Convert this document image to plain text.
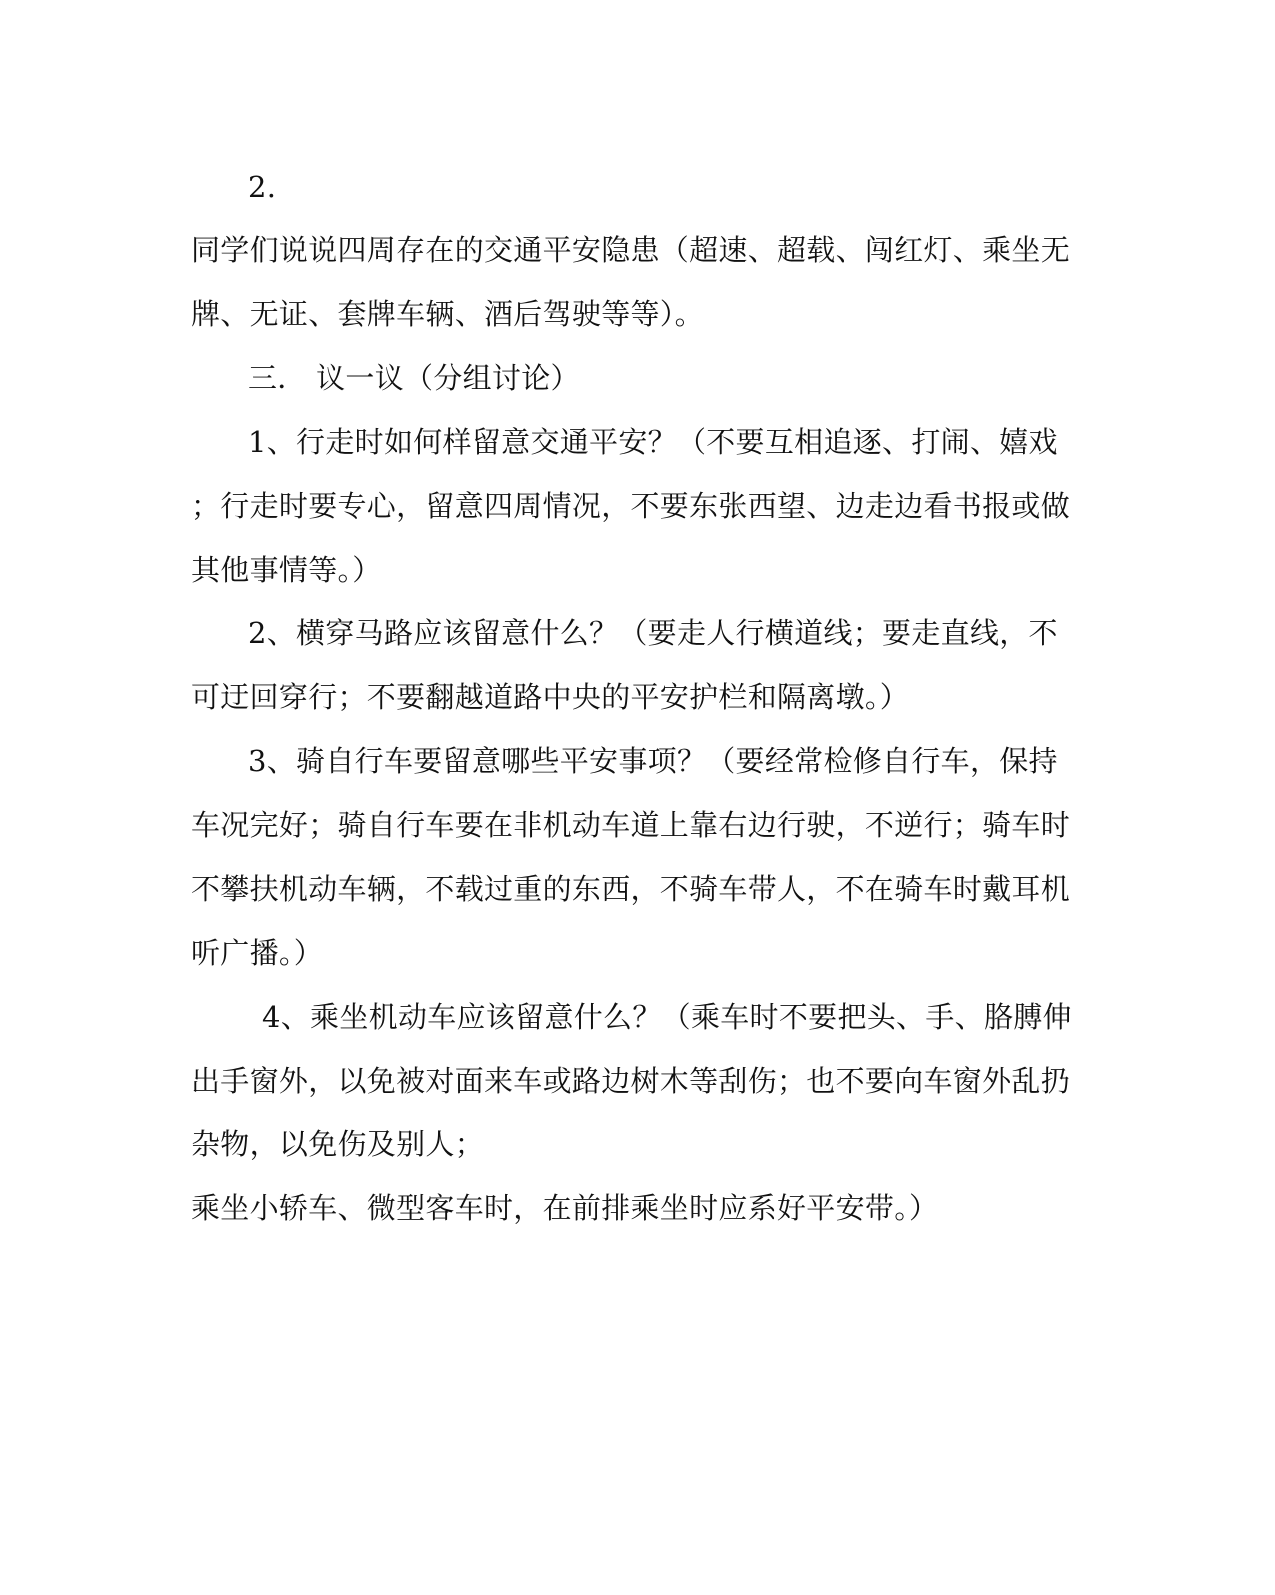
2.
同学们说说四周存在的交通平安隐患（超速、超载、闯红灯、乘坐无
牌、无证、套牌车辆、酒后驾驶等等）。
三． 议一议（分组讨论）
1、行走时如何样留意交通平安？（不要互相追逐、打闹、嬉戏
；行走时要专心，留意四周情况，不要东张西望、边走边看书报或做
其他事情等。）
2、横穿马路应该留意什么？（要走人行横道线；要走直线，不
可迂回穿行；不要翻越道路中央的平安护栏和隔离墩。）
3、骑自行车要留意哪些平安事项？（要经常检修自行车，保持
车况完好；骑自行车要在非机动车道上靠右边行驶，不逆行；骑车时
不攀扶机动车辆，不载过重的东西，不骑车带人，不在骑车时戴耳机
听广播。）
4、乘坐机动车应该留意什么？（乘车时不要把头、手、胳膊伸
出手窗外，以免被对面来车或路边树木等刮伤；也不要向车窗外乱扔
杂物，以免伤及别人；
乘坐小轿车、微型客车时，在前排乘坐时应系好平安带。）
